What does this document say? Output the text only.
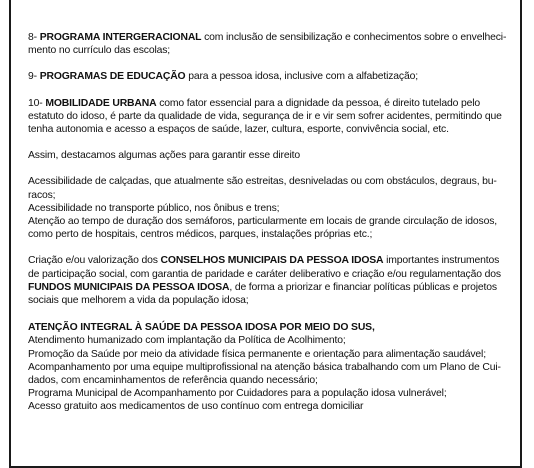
8- PROGRAMA INTERGERACIONAL com inclusão de sensibilização e conhecimentos sobre o envelheci-
mento no currículo das escolas;

9- PROGRAMAS DE EDUCAÇÃO para a pessoa idosa, inclusive com a alfabetização;

10- MOBILIDADE URBANA como fator essencial para a dignidade da pessoa, é direito tutelado pelo
estatuto do idoso, é parte da qualidade de vida, segurança de ir e vir sem sofrer acidentes, permitindo que
tenha autonomia e acesso a espaços de saúde, lazer, cultura, esporte, convivência social, etc.

Assim, destacamos algumas ações para garantir esse direito

Acessibilidade de calçadas, que atualmente são estreitas, desniveladas ou com obstáculos, degraus, bu-
racos;
Acessibilidade no transporte público, nos ônibus e trens;
Atenção ao tempo de duração dos semáforos, particularmente em locais de grande circulação de idosos,
como perto de hospitais, centros médicos, parques, instalações próprias etc.;

Criação e/ou valorização dos CONSELHOS MUNICIPAIS DA PESSOA IDOSA importantes instrumentos
de participação social, com garantia de paridade e caráter deliberativo e criação e/ou regulamentação dos
FUNDOS MUNICIPAIS DA PESSOA IDOSA, de forma a priorizar e financiar políticas públicas e projetos
sociais que melhorem a vida da população idosa;

ATENÇÃO INTEGRAL À SAÚDE DA PESSOA IDOSA POR MEIO DO SUS,
Atendimento humanizado com implantação da Política de Acolhimento;
Promoção da Saúde por meio da atividade física permanente e orientação para alimentação saudável;
Acompanhamento por uma equipe multiprofissional na atenção básica trabalhando com um Plano de Cui-
dados, com encaminhamentos de referência quando necessário;
Programa Municipal de Acompanhamento por Cuidadores para a população idosa vulnerável;
Acesso gratuito aos medicamentos de uso contínuo com entrega domiciliar
